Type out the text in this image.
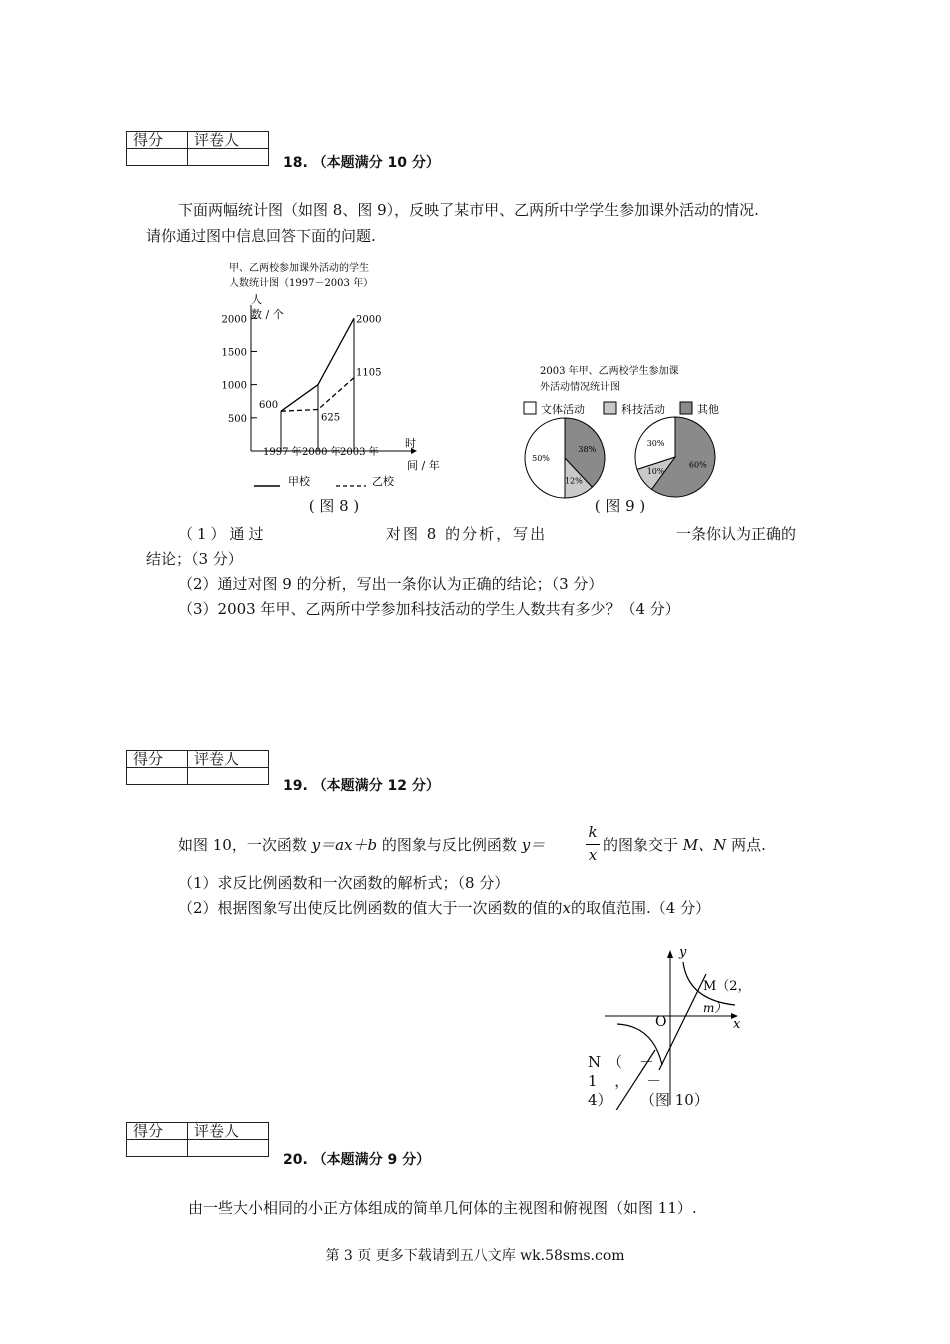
得分	评卷人

18. （本题满分 10 分）
下面两幅统计图（如图 8、图 9），反映了某市甲、乙两所中学学生参加课外活动的情况.
请你通过图中信息回答下面的问题.
甲、乙两校参加课外活动的学生
人数统计图（1997－2003 年）
人
数 / 个
时
间 / 年
500
1000
1500
2000
1997 年 2000 年 2003 年
600
625
1105
2000
甲校	乙校
( 图 8 )
2003 年甲、乙两校学生参加课
外活动情况统计图
文体活动	科技活动	其他
38%
12%
50%
60%
10%
30%
( 图 9 )
（1）通过	对图 8 的分析，写出	一条你认为正确的
结论；（3 分）
（2）通过对图 9 的分析，写出一条你认为正确的结论；（3 分）
（3）2003 年甲、乙两所中学参加科技活动的学生人数共有多少？（4 分）
得分	评卷人

19. （本题满分 12 分）
如图 10，一次函数 y＝ax＋b 的图象与反比例函数 y＝
k
x
的图象交于 M、N 两点.
（1）求反比例函数和一次函数的解析式；（8 分）
（2）根据图象写出使反比例函数的值大于一次函数的值的x的取值范围.（4 分）
y
x
O
M（2，
m）
N（ －
1 ， －
4） （图 10）
得分	评卷人

20. （本题满分 9 分）
由一些大小相同的小正方体组成的简单几何体的主视图和俯视图（如图 11）.
第 3 页 更多下载请到五八文库 wk.58sms.com
